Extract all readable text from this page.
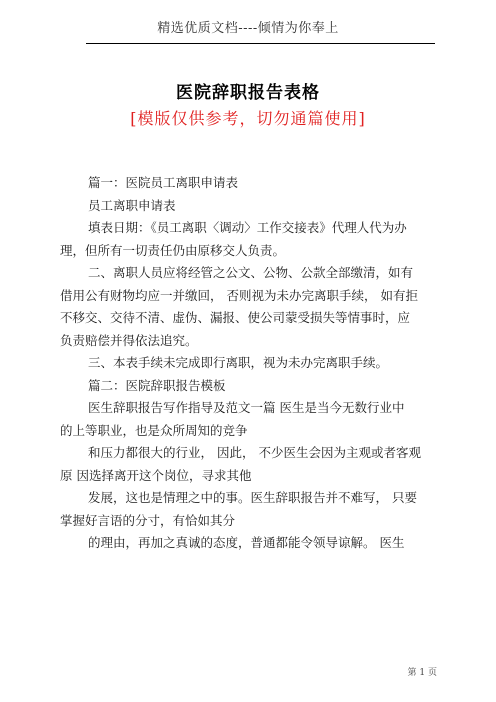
精选优质文档----倾情为你奉上
医院辞职报告表格
[模版仅供参考，切勿通篇使用]
篇一：医院员工离职申请表
员工离职申请表
填表日期：《员工离职〈调动〉工作交接表》代理人代为办
理，但所有一切责任仍由原移交人负责。
二、离职人员应将经管之公文、公物、公款全部缴清，如有
借用公有财物均应一并缴回， 否则视为未办完离职手续， 如有拒
不移交、交待不清、虚伪、漏报、使公司蒙受损失等情事时，应
负责赔偿并得依法追究。
三、本表手续未完成即行离职，视为未办完离职手续。
篇二：医院辞职报告模板
医生辞职报告写作指导及范文一篇 医生是当今无数行业中
的上等职业，也是众所周知的竞争
和压力都很大的行业， 因此， 不少医生会因为主观或者客观
原 因选择离开这个岗位，寻求其他
发展，这也是情理之中的事。医生辞职报告并不难写， 只要
掌握好言语的分寸，有恰如其分
的理由，再加之真诚的态度，普通都能令领导谅解。 医生
第 1 页
